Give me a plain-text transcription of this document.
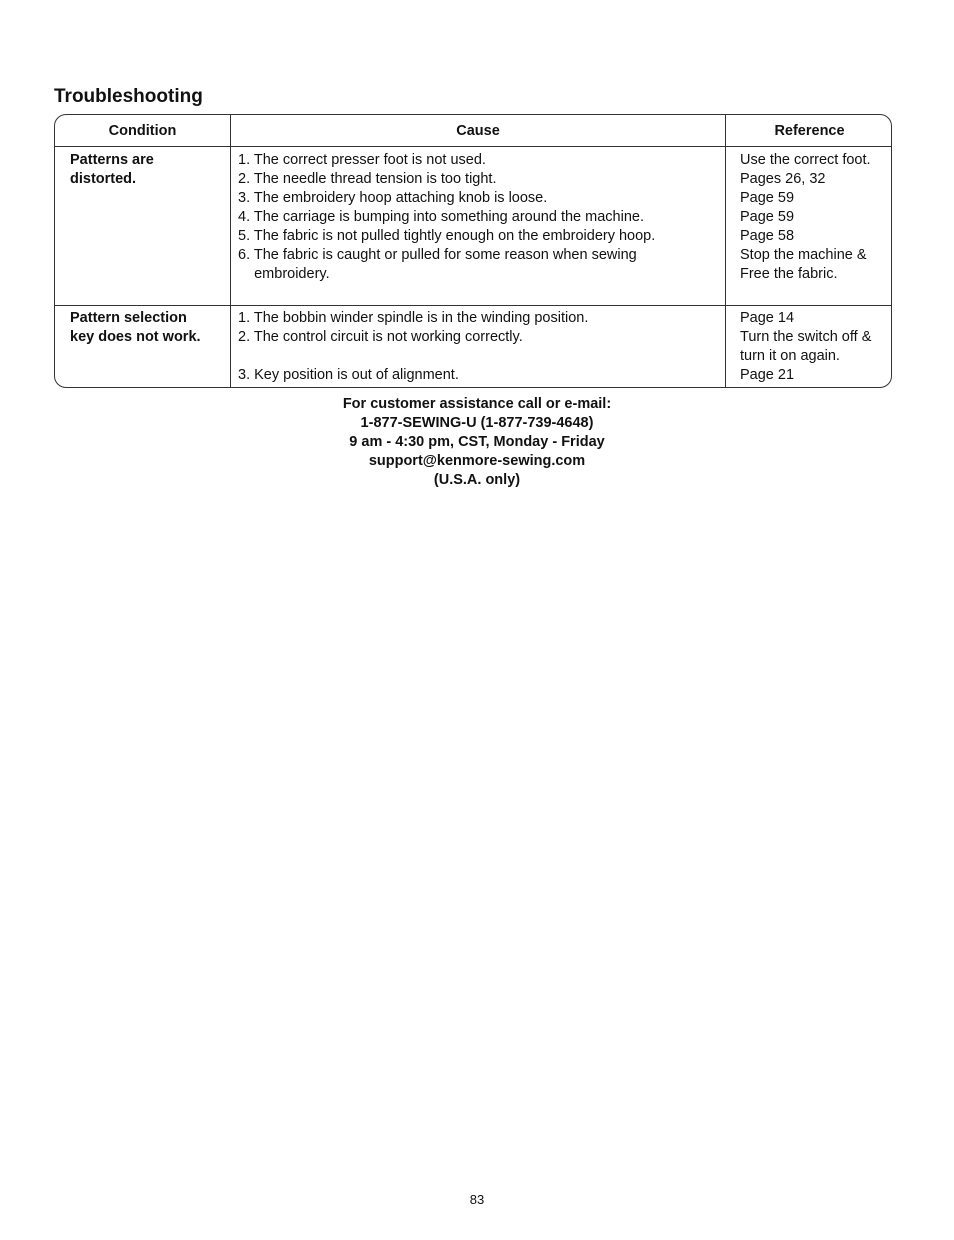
Troubleshooting
Condition	Cause	Reference
Patterns are
distorted.
1. The correct presser foot is not used.
2. The needle thread tension is too tight.
3. The embroidery hoop attaching knob is loose.
4. The carriage is bumping into something around the machine.
5. The fabric is not pulled tightly enough on the embroidery hoop.
6. The fabric is caught or pulled for some reason when sewing
embroidery.
Use the correct foot.
Pages 26, 32
Page 59
Page 59
Page 58
Stop the machine &
Free the fabric.
Pattern selection
key does not work.
1. The bobbin winder spindle is in the winding position.
2. The control circuit is not working correctly.
3. Key position is out of alignment.
Page 14
Turn the switch off &
turn it on again.
Page 21
For customer assistance call or e-mail:
1-877-SEWING-U (1-877-739-4648)
9 am - 4:30 pm, CST, Monday - Friday
support@kenmore-sewing.com
(U.S.A. only)
83
